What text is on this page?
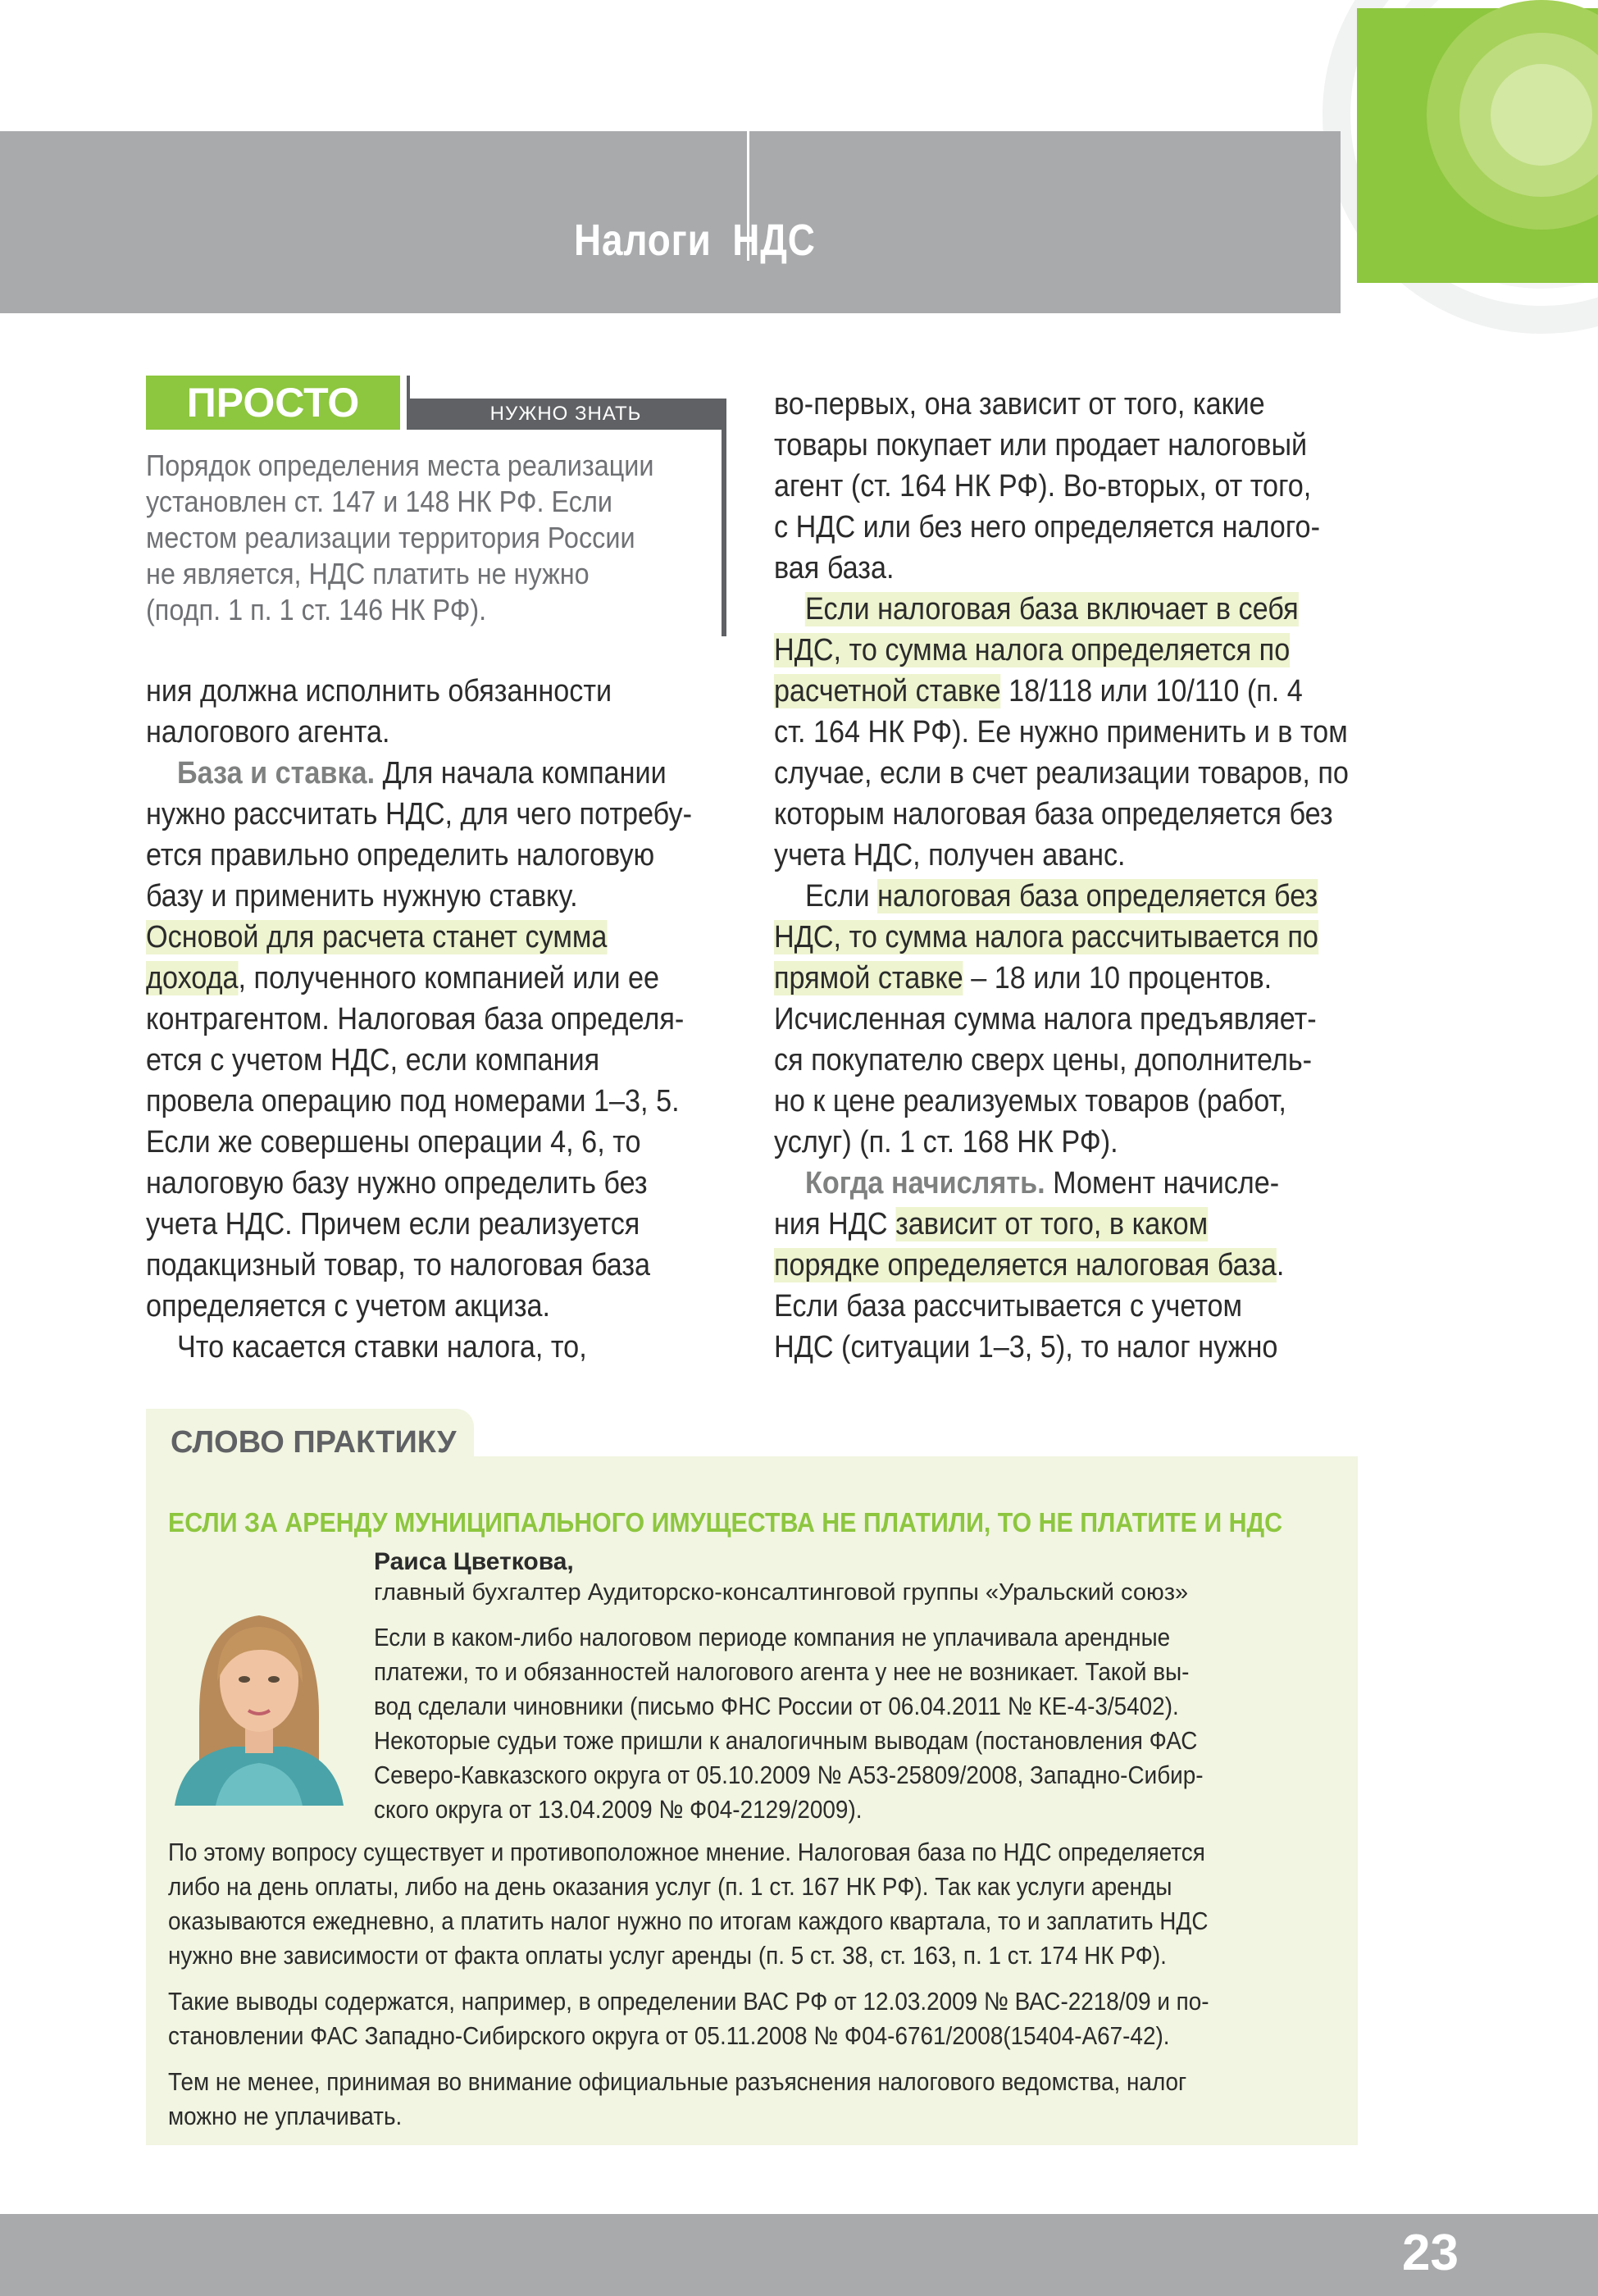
Налоги НДС
ПРОСТО	НУЖНО ЗНАТЬ
Порядок определения места реализации
установлен ст. 147 и 148 НК РФ. Если
местом реализации территория России
не является, НДС платить не нужно
(подп. 1 п. 1 ст. 146 НК РФ).
ния должна исполнить обязанности
налогового агента.
База и ставка. Для начала компании
нужно рассчитать НДС, для чего потребу-
ется правильно определить налоговую
базу и применить нужную ставку.
Основой для расчета станет сумма
дохода, полученного компанией или ее
контрагентом. Налоговая база определя-
ется с учетом НДС, если компания
провела операцию под номерами 1–3, 5.
Если же совершены операции 4, 6, то
налоговую базу нужно определить без
учета НДС. Причем если реализуется
подакцизный товар, то налоговая база
определяется с учетом акциза.
Что касается ставки налога, то,
во-первых, она зависит от того, какие
товары покупает или продает налоговый
агент (ст. 164 НК РФ). Во-вторых, от того,
с НДС или без него определяется налого-
вая база.
Если налоговая база включает в себя
НДС, то сумма налога определяется по
расчетной ставке 18/118 или 10/110 (п. 4
ст. 164 НК РФ). Ее нужно применить и в том
случае, если в счет реализации товаров, по
которым налоговая база определяется без
учета НДС, получен аванс.
Если налоговая база определяется без
НДС, то сумма налога рассчитывается по
прямой ставке – 18 или 10 процентов.
Исчисленная сумма налога предъявляет-
ся покупателю сверх цены, дополнитель-
но к цене реализуемых товаров (работ,
услуг) (п. 1 ст. 168 НК РФ).
Когда начислять. Момент начисле-
ния НДС зависит от того, в каком
порядке определяется налоговая база.
Если база рассчитывается с учетом
НДС (ситуации 1–3, 5), то налог нужно
СЛОВО ПРАКТИКУ
ЕСЛИ ЗА АРЕНДУ МУНИЦИПАЛЬНОГО ИМУЩЕСТВА НЕ ПЛАТИЛИ, ТО НЕ ПЛАТИТЕ И НДС
Раиса Цветкова,
главный бухгалтер Аудиторско-консалтинговой группы «Уральский союз»
Если в каком-либо налоговом периоде компания не уплачивала арендные
платежи, то и обязанностей налогового агента у нее не возникает. Такой вы-
вод сделали чиновники (письмо ФНС России от 06.04.2011 № КЕ-4-3/5402).
Некоторые судьи тоже пришли к аналогичным выводам (постановления ФАС
Северо-Кавказского округа от 05.10.2009 № А53-25809/2008, Западно-Сибир-
ского округа от 13.04.2009 № Ф04-2129/2009).

По этому вопросу существует и противоположное мнение. Налоговая база по НДС определяется
либо на день оплаты, либо на день оказания услуг (п. 1 ст. 167 НК РФ). Так как услуги аренды
оказываются ежедневно, а платить налог нужно по итогам каждого квартала, то и заплатить НДС
нужно вне зависимости от факта оплаты услуг аренды (п. 5 ст. 38, ст. 163, п. 1 ст. 174 НК РФ).

Такие выводы содержатся, например, в определении ВАС РФ от 12.03.2009 № ВАС-2218/09 и по-
становлении ФАС Западно-Сибирского округа от 05.11.2008 № Ф04-6761/2008(15404-А67-42).

Тем не менее, принимая во внимание официальные разъяснения налогового ведомства, налог
можно не уплачивать.

23
